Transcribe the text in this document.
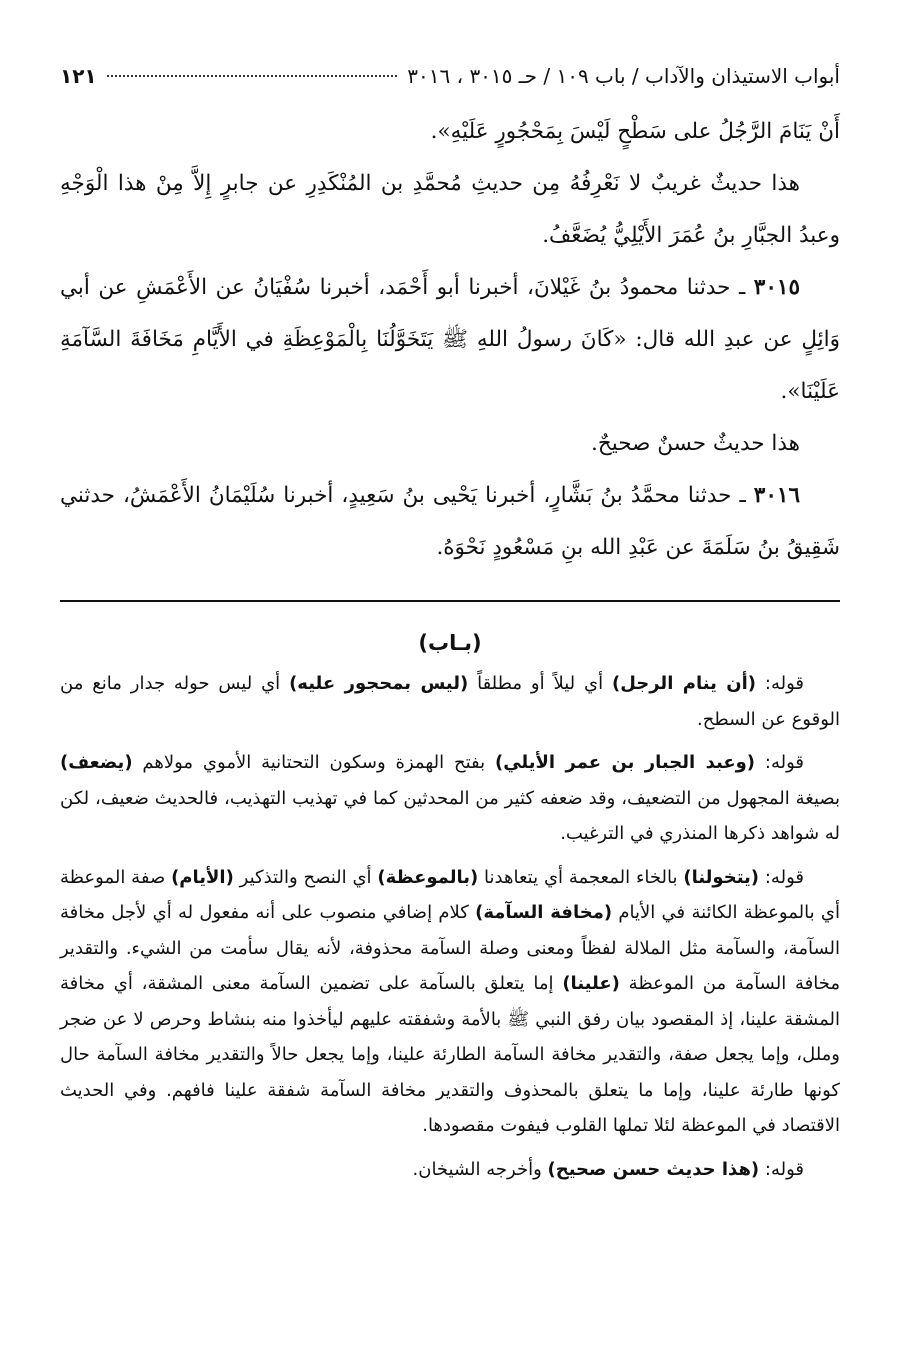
أبواب الاستيذان والآداب / باب ١٠٩ / حـ ٣٠١٥ ، ٣٠١٦
١٢١

أَنْ يَنَامَ الرَّجُلُ على سَطْحٍ لَيْسَ بِمَحْجُورٍ عَلَيْهِ».

هذا حديثٌ غريبٌ لا نَعْرِفُهُ مِن حديثِ مُحمَّدِ بن المُنْكَدِرِ عن جابرٍ إِلاَّ مِنْ هذا الْوَجْهِ وعبدُ الجبَّارِ بنُ عُمَرَ الأَيْلِيُّ يُضَعَّفُ.

٣٠١٥ ـ حدثنا محمودُ بنُ غَيْلانَ، أخبرنا أبو أَحْمَد، أخبرنا سُفْيَانُ عن الأَعْمَشِ عن أبي وَائِلٍ عن عبدِ الله قال: «كَانَ رسولُ اللهِ ﷺ يَتَخَوَّلُنَا بِالْمَوْعِظَةِ في الأَيَّامِ مَخَافَةَ السَّآمَةِ عَلَيْنَا».

هذا حديثٌ حسنٌ صحيحٌ.

٣٠١٦ ـ حدثنا محمَّدُ بنُ بَشَّارٍ، أخبرنا يَحْيى بنُ سَعِيدٍ، أخبرنا سُلَيْمَانُ الأَعْمَشُ، حدثني شَقِيقُ بنُ سَلَمَةَ عن عَبْدِ الله بنِ مَسْعُودٍ نَحْوَهُ.

(بـاب)

قوله: (أن ينام الرجل) أي ليلاً أو مطلقاً (ليس بمحجور عليه) أي ليس حوله جدار مانع من الوقوع عن السطح.

قوله: (وعبد الجبار بن عمر الأيلي) بفتح الهمزة وسكون التحتانية الأموي مولاهم (يضعف) بصيغة المجهول من التضعيف، وقد ضعفه كثير من المحدثين كما في تهذيب التهذيب، فالحديث ضعيف، لكن له شواهد ذكرها المنذري في الترغيب.

قوله: (يتخولنا) بالخاء المعجمة أي يتعاهدنا (بالموعظة) أي النصح والتذكير (الأيام) صفة الموعظة أي بالموعظة الكائنة في الأيام (مخافة السآمة) كلام إضافي منصوب على أنه مفعول له أي لأجل مخافة السآمة، والسآمة مثل الملالة لفظاً ومعنى وصلة السآمة محذوفة، لأنه يقال سأمت من الشيء. والتقدير مخافة السآمة من الموعظة (علينا) إما يتعلق بالسآمة على تضمين السآمة معنى المشقة، أي مخافة المشقة علينا، إذ المقصود بيان رفق النبي ﷺ بالأمة وشفقته عليهم ليأخذوا منه بنشاط وحرص لا عن ضجر وملل، وإما يجعل صفة، والتقدير مخافة السآمة الطارئة علينا، وإما يجعل حالاً والتقدير مخافة السآمة حال كونها طارئة علينا، وإما ما يتعلق بالمحذوف والتقدير مخافة السآمة شفقة علينا فافهم. وفي الحديث الاقتصاد في الموعظة لئلا تملها القلوب فيفوت مقصودها.

قوله: (هذا حديث حسن صحيح) وأخرجه الشيخان.
